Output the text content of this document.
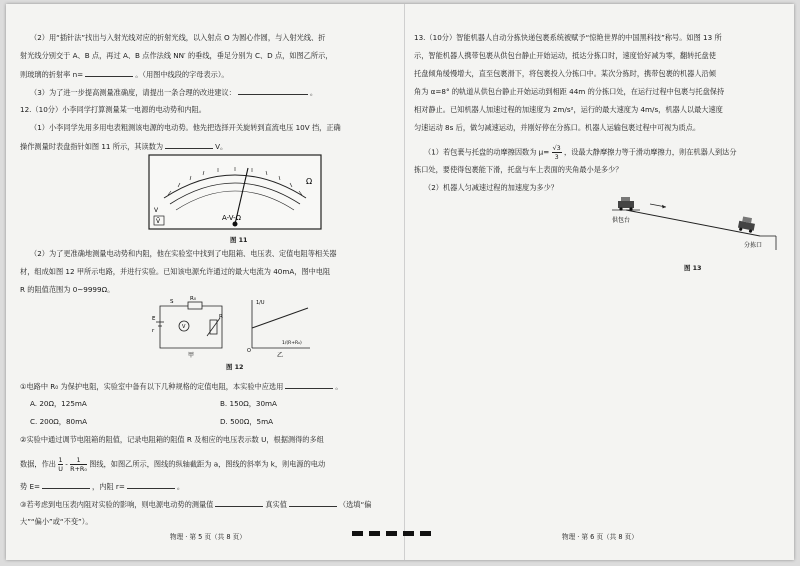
（2）用“插针法”找出与入射光线对应的折射光线，以入射点 O 为圆心作圆，与入射光线、折
射光线分别交于 A、B 点，再过 A、B 点作法线 NN′ 的垂线，垂足分别为 C、D 点，如图乙所示，
则玻璃的折射率 n=	。（用图中线段的字母表示）。
（3）为了进一步提高测量准确度，请提出一条合理的改进建议：	。
12.（10分）小李同学打算测量某一电源的电动势和内阻。
（1）小李同学先用多用电表粗测该电源的电动势。他先把选择开关旋转到直流电压 10V 挡，正确
操作测量时表盘指针如图 11 所示，其读数为	V。
Ω
V
Ṽ	A-V-Ω
图 11
（2）为了更准确地测量电动势和内阻，他在实验室中找到了电阻箱、电压表、定值电阻等相关器
材，组成如图 12 甲所示电路，并进行实验。已知该电源允许通过的最大电流为 40mA，图中电阻
R 的阻值范围为 0~9999Ω。
S	R₀
E
r
V
R
1/U
1/(R+R₀)
O
甲	乙
图 12
①电路中 R₀ 为保护电阻，实验室中备有以下几种规格的定值电阻，本实验中应选用	。
A. 20Ω，125mA	B. 150Ω，30mA
C. 200Ω，80mA	D. 500Ω，5mA
②实验中通过调节电阻箱的阻值，记录电阻箱的阻值 R 及相应的电压表示数 U，根据测得的多组
数据，作出 $\frac{1}{U} - \frac{1}{\text{R+R₀}}$ 图线，如图乙所示，图线的纵轴截距为 a，图线的斜率为 k，则电源的电动
势 E=	，内阻 r=	。
③若考虑到电压表内阻对实验的影响，则电源电动势的测量值	真实值	（选填“偏
大”“偏小”或“不变”）。
物理 · 第 5 页（共 8 页）
13.（10分）智能机器人自动分拣快递包裹系统被赋予“惊艳世界的中国黑科技”称号。如图 13 所
示，智能机器人携带包裹从供包台静止开始运动，抵达分拣口时，速度恰好减为零，翻转托盘使
托盘倾角缓慢增大，直至包裹滑下，将包裹投入分拣口中。某次分拣时，携带包裹的机器人沿倾
角为 α=8° 的轨道从供包台静止开始运动到相距 44m 的分拣口处，在运行过程中包裹与托盘保持
相对静止。已知机器人加速过程的加速度为 2m/s²，运行的最大速度为 4m/s，机器人以最大速度
匀速运动 8s 后，做匀减速运动，并刚好停在分拣口。机器人运输包裹过程中可视为质点。
（1）若包裹与托盘的动摩擦因数为 $\mu= \frac{√3}{3}$ ，设最大静摩擦力等于滑动摩擦力，则在机器人到达分
拣口处，要使得包裹能下滑，托盘与车上表面的夹角最小是多少？
（2）机器人匀减速过程的加速度为多少？
供包台
分拣口
图 13
物理 · 第 6 页（共 8 页）
